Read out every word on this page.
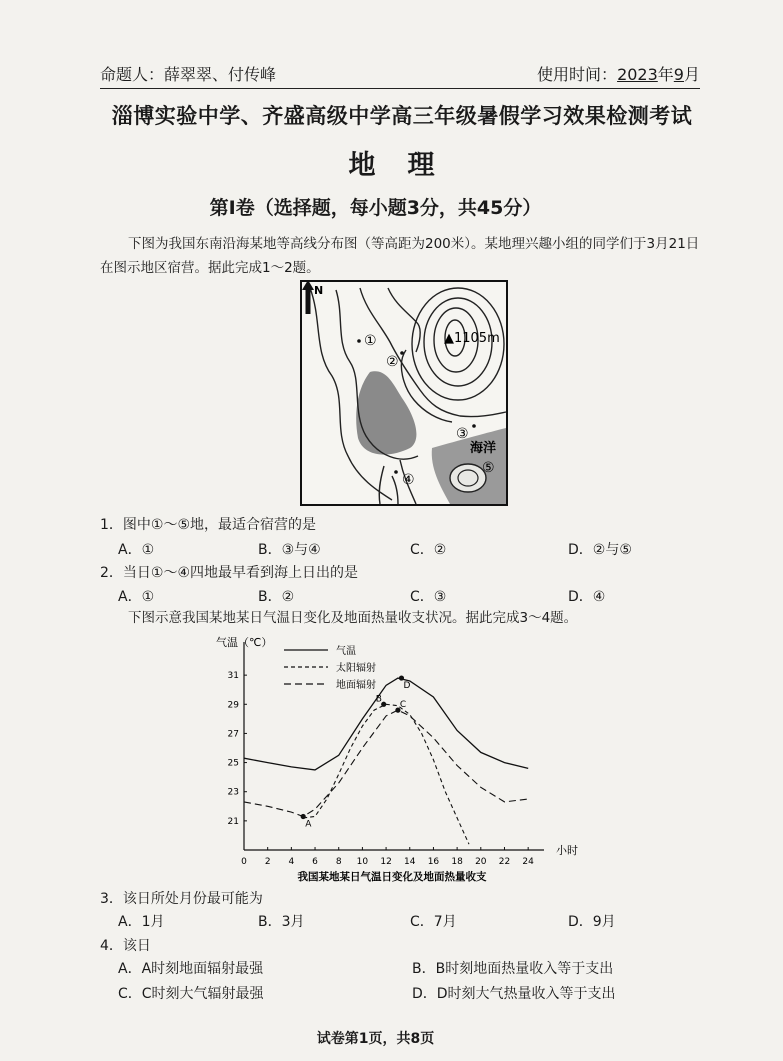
命题人：薛翠翠、付传峰	使用时间：2023年9月
淄博实验中学、齐盛高级中学高三年级暑假学习效果检测考试
地理
第Ⅰ卷（选择题，每小题3分，共45分）
下图为我国东南沿海某地等高线分布图（等高距为200米）。某地理兴趣小组的同学们于3月21日在图示地区宿营。据此完成1～2题。
N
▲1105m
①
②
③
海洋
⑤
④
1．图中①～⑤地，最适合宿营的是
A．①	B．③与④	C．②	D．②与⑤
2．当日①～④四地最早看到海上日出的是
A．①	B．②	C．③	D．④
下图示意我国某地某日气温日变化及地面热量收支状况。据此完成3～4题。
气温（℃）
小时
0 2 4 6 8 10 12 14 16 18 20 22 24
21
23
25
27
29
31
气温
太阳辐射
地面辐射
A
B
C
D
我国某地某日气温日变化及地面热量收支
3．该日所处月份最可能为
A．1月	B．3月	C．7月	D．9月
4．该日
A．A时刻地面辐射最强	B．B时刻地面热量收入等于支出
C．C时刻大气辐射最强	D．D时刻大气热量收入等于支出
试卷第1页，共8页
